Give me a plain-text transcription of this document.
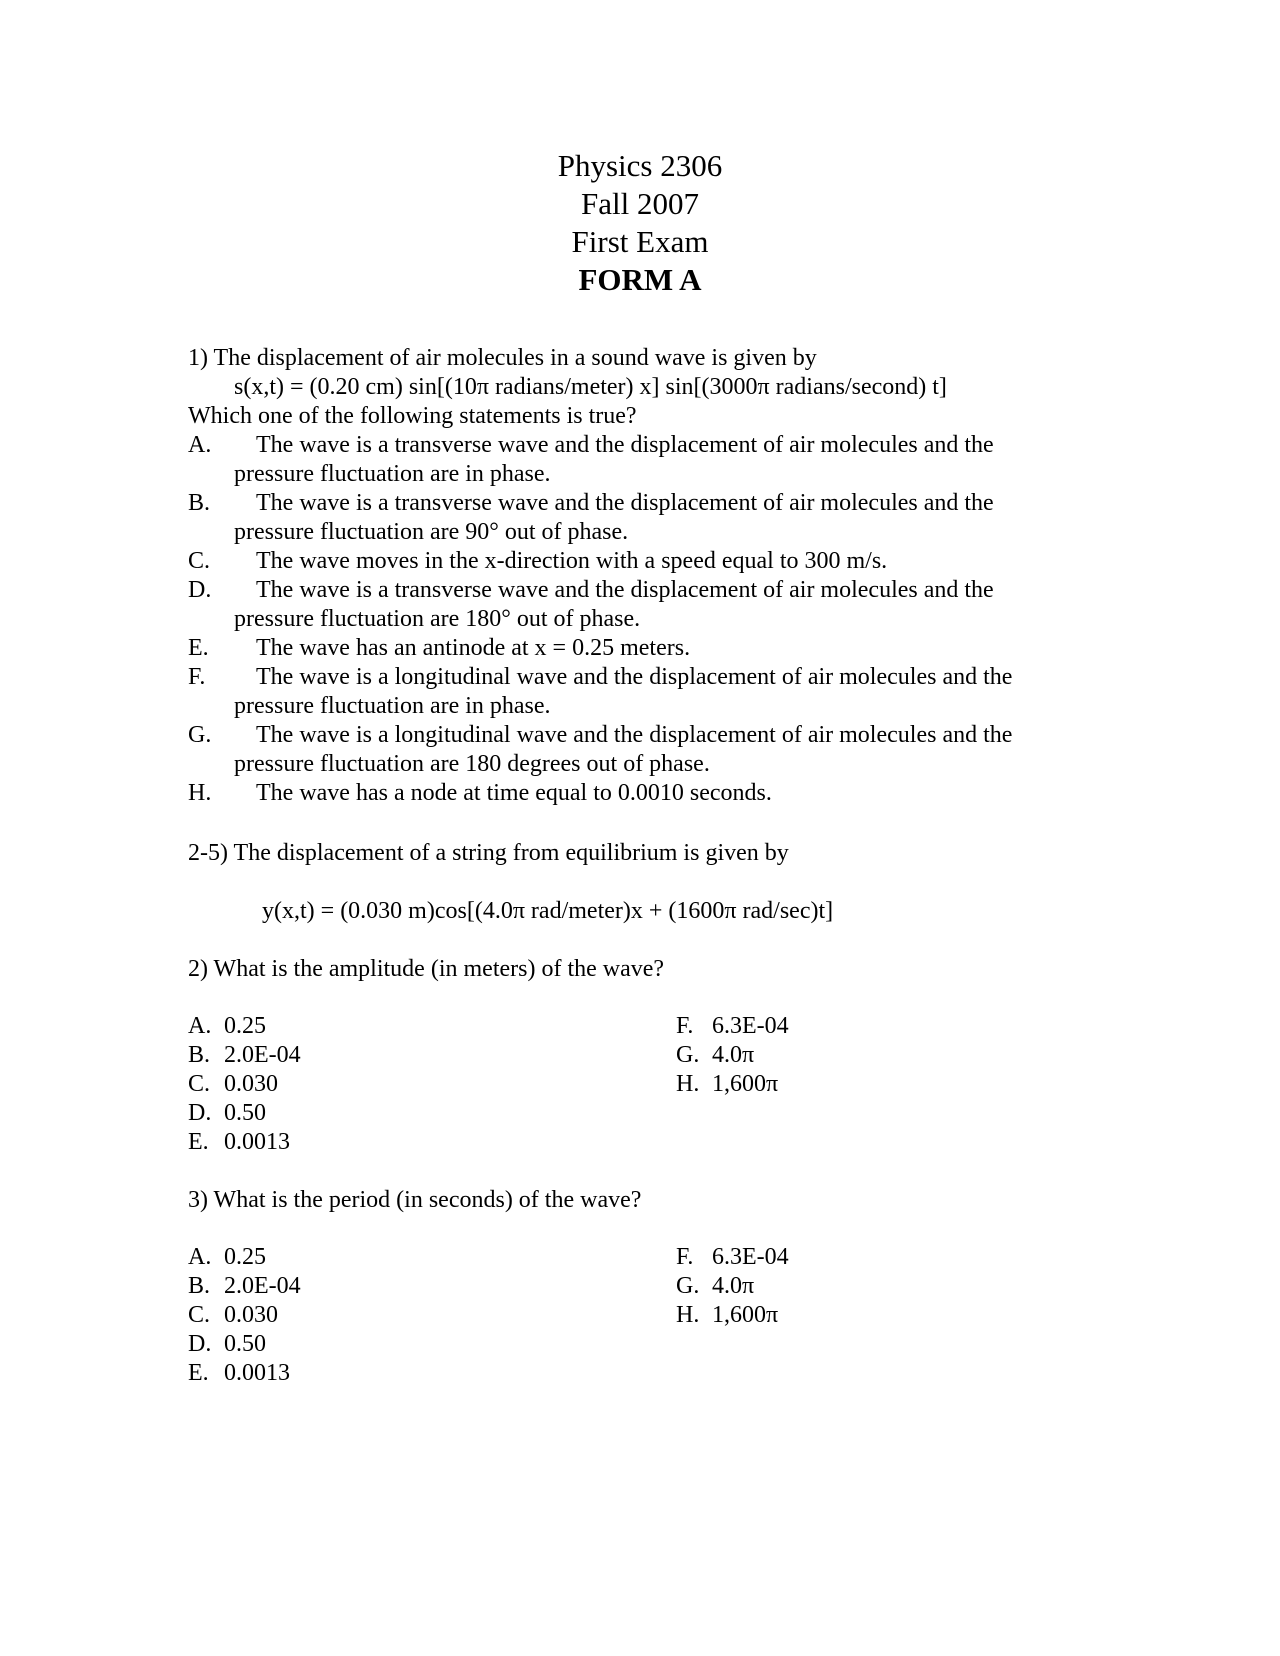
Physics 2306
Fall 2007
First Exam
FORM A
1) The displacement of air molecules in a sound wave is given by
s(x,t) = (0.20 cm) sin[(10π radians/meter) x] sin[(3000π radians/second) t]
Which one of the following statements is true?
A.	The wave is a transverse wave and the displacement of air molecules and the
pressure fluctuation are in phase.
B.	The wave is a transverse wave and the displacement of air molecules and the
pressure fluctuation are 90° out of phase.
C.	The wave moves in the x-direction with a speed equal to 300 m/s.
D.	The wave is a transverse wave and the displacement of air molecules and the
pressure fluctuation are 180° out of phase.
E.	The wave has an antinode at x = 0.25 meters.
F.	The wave is a longitudinal wave and the displacement of air molecules and the
pressure fluctuation are in phase.
G.	The wave is a longitudinal wave and the displacement of air molecules and the
pressure fluctuation are 180 degrees out of phase.
H.	The wave has a node at time equal to 0.0010 seconds.
2-5) The displacement of a string from equilibrium is given by
y(x,t) = (0.030 m)cos[(4.0π rad/meter)x + (1600π rad/sec)t]
2) What is the amplitude (in meters) of the wave?
A. 0.25
B. 2.0E-04
C. 0.030
D. 0.50
E. 0.0013
F. 6.3E-04
G. 4.0π
H. 1,600π
3) What is the period (in seconds) of the wave?
A. 0.25
B. 2.0E-04
C. 0.030
D. 0.50
E. 0.0013
F. 6.3E-04
G. 4.0π
H. 1,600π
